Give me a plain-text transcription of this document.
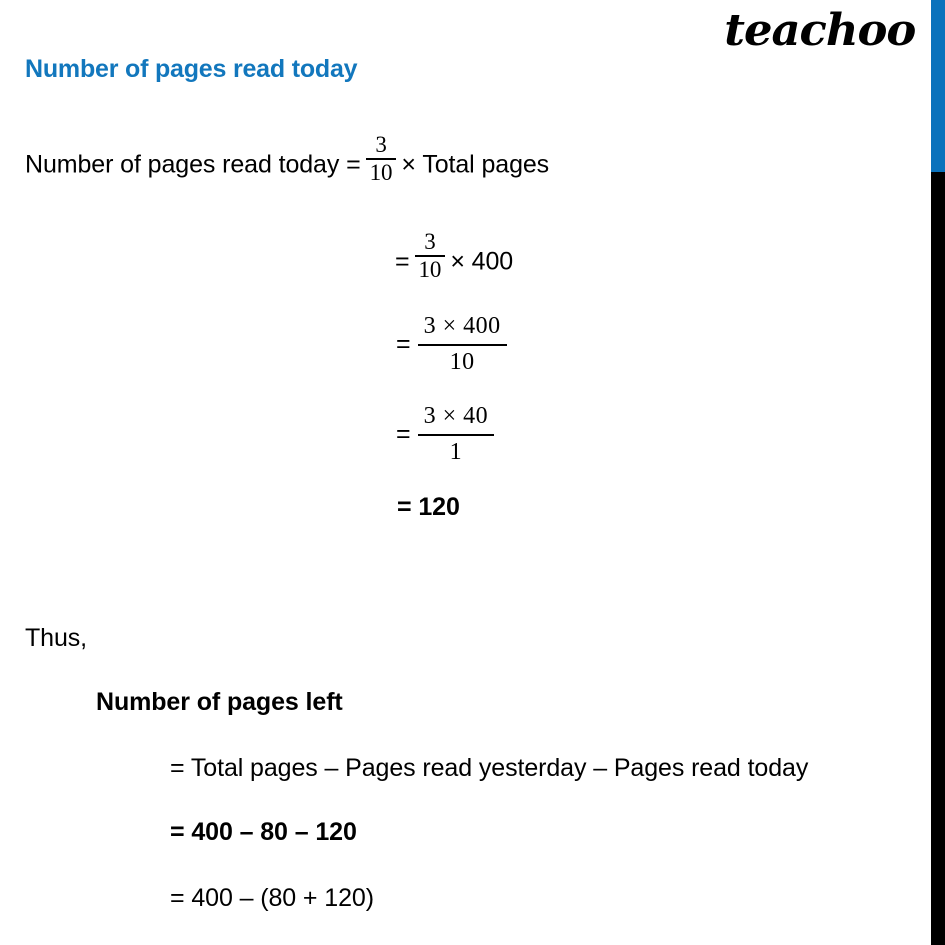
teachoo
Number of pages read today
Number of pages read today = $\frac{3}{10}$ × Total pages
= $\frac{3}{10} \times 400$
= $\frac{3 \times 400}{10}$
= $\frac{3 \times 40}{1}$
= 120
Thus,
Number of pages left
= Total pages – Pages read yesterday – Pages read today
= 400 – 80 – 120
= 400 – (80 + 120)
